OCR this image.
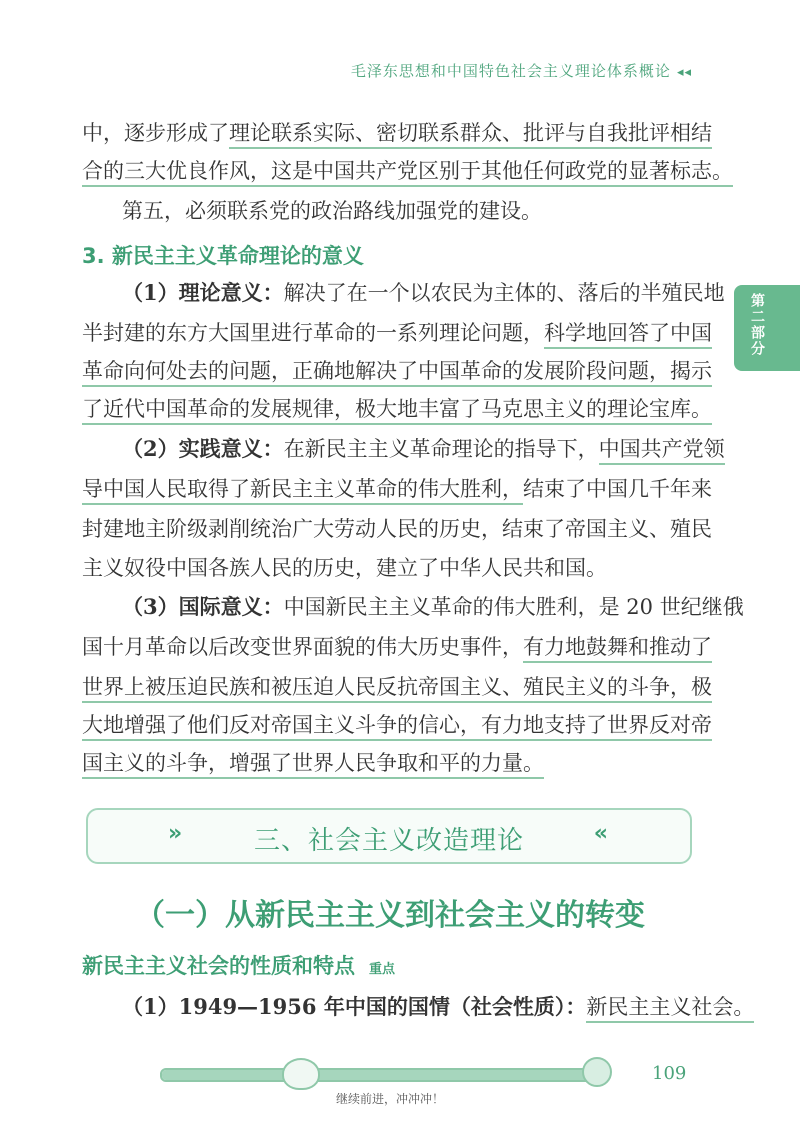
毛泽东思想和中国特色社会主义理论体系概论 ◂◂
第二部分
中，逐步形成了理论联系实际、密切联系群众、批评与自我批评相结
合的三大优良作风，这是中国共产党区别于其他任何政党的显著标志。
第五，必须联系党的政治路线加强党的建设。
3. 新民主主义革命理论的意义
（1）理论意义：解决了在一个以农民为主体的、落后的半殖民地
半封建的东方大国里进行革命的一系列理论问题，科学地回答了中国
革命向何处去的问题，正确地解决了中国革命的发展阶段问题，揭示
了近代中国革命的发展规律，极大地丰富了马克思主义的理论宝库。
（2）实践意义：在新民主主义革命理论的指导下，中国共产党领
导中国人民取得了新民主主义革命的伟大胜利，结束了中国几千年来
封建地主阶级剥削统治广大劳动人民的历史，结束了帝国主义、殖民
主义奴役中国各族人民的历史，建立了中华人民共和国。
（3）国际意义：中国新民主主义革命的伟大胜利，是 20 世纪继俄
国十月革命以后改变世界面貌的伟大历史事件，有力地鼓舞和推动了
世界上被压迫民族和被压迫人民反抗帝国主义、殖民主义的斗争，极
大地增强了他们反对帝国主义斗争的信心，有力地支持了世界反对帝
国主义的斗争，增强了世界人民争取和平的力量。
»	三、社会主义改造理论	«
（一）从新民主主义到社会主义的转变
新民主主义社会的性质和特点 重点
（1）1949—1956 年中国的国情（社会性质）：新民主主义社会。
109
继续前进，冲冲冲！
